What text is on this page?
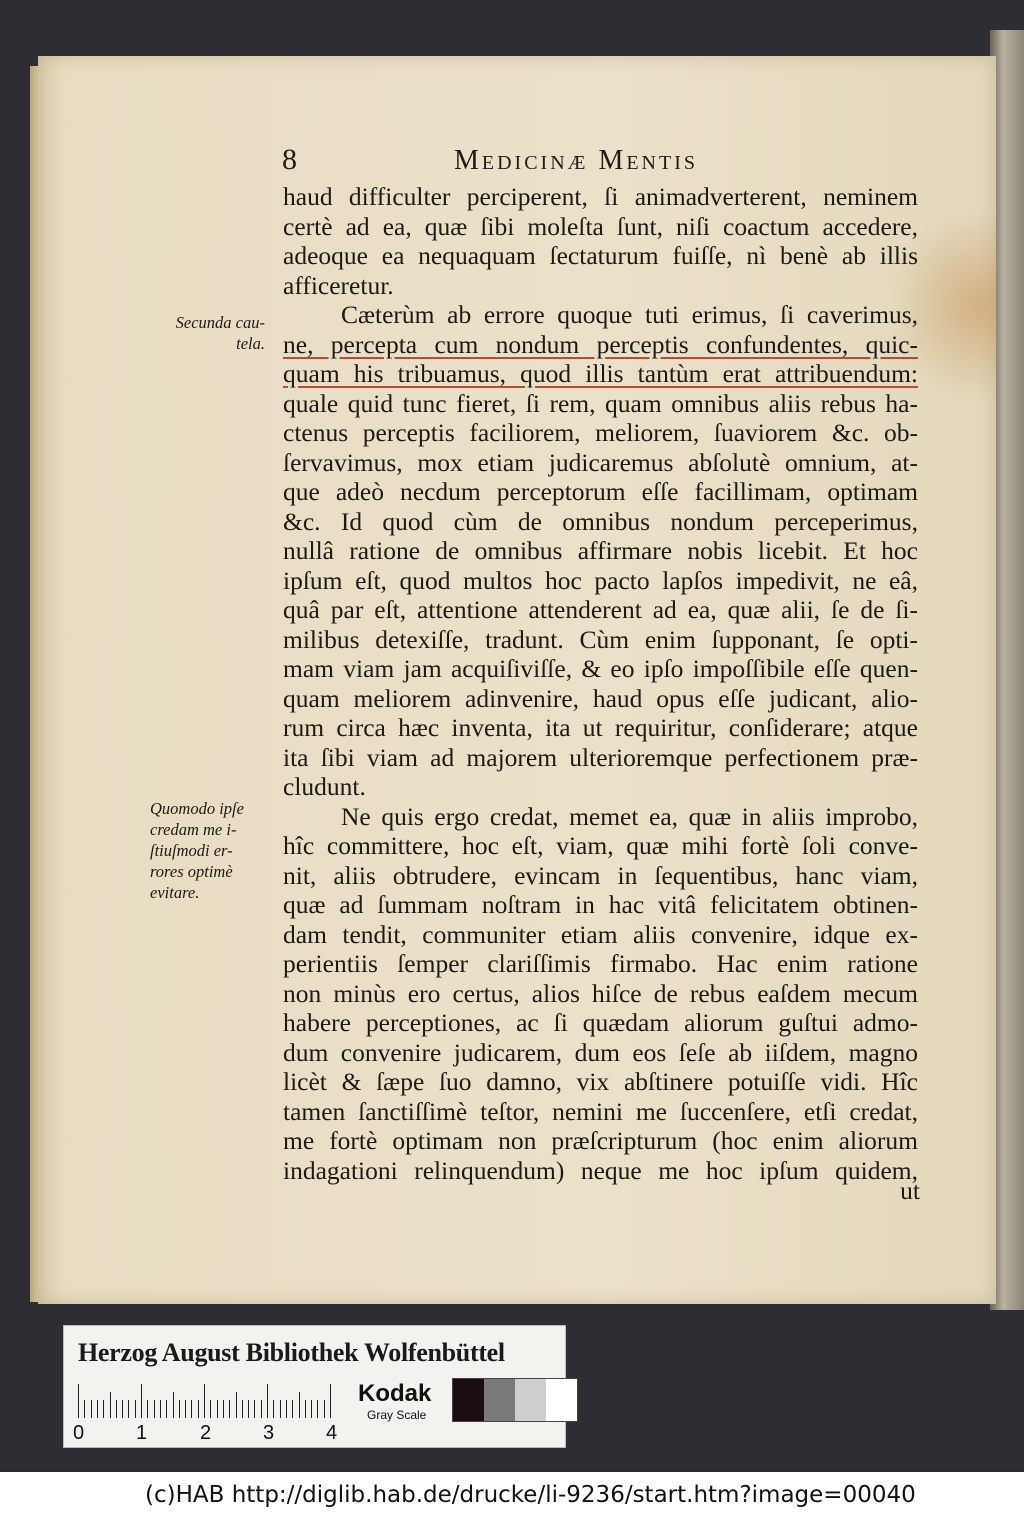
8	Medicinæ Mentis
haud difficulter perciperent, ſi animadverterent, neminem
certè ad ea, quæ ſibi moleſta ſunt, niſi coactum accedere,
adeoque ea nequaquam ſectaturum fuiſſe, nì benè ab illis
afficeretur.
Cæterùm ab errore quoque tuti erimus, ſi caverimus,
ne, percepta cum nondum perceptis confundentes, quic-
quam his tribuamus, quod illis tantùm erat attribuendum:
quale quid tunc fieret, ſi rem, quam omnibus aliis rebus ha-
ctenus perceptis faciliorem, meliorem, ſuaviorem &c. ob-
ſervavimus, mox etiam judicaremus abſolutè omnium, at-
que adeò necdum perceptorum eſſe facillimam, optimam
&c. Id quod cùm de omnibus nondum perceperimus,
nullâ ratione de omnibus affirmare nobis licebit. Et hoc
ipſum eſt, quod multos hoc pacto lapſos impedivit, ne eâ,
quâ par eſt, attentione attenderent ad ea, quæ alii, ſe de ſi-
milibus deteхiſſe, tradunt. Cùm enim ſupponant, ſe opti-
mam viam jam acquiſiviſſe, & eo ipſo impoſſibile eſſe quen-
quam meliorem adinvenire, haud opus eſſe judicant, alio-
rum circa hæc inventa, ita ut requiritur, conſiderare; atque
ita ſibi viam ad majorem ulterioremque perfectionem præ-
cludunt.
Ne quis ergo credat, memet ea, quæ in aliis improbo,
hîc committere, hoc eſt, viam, quæ mihi fortè ſoli conve-
nit, aliis obtrudere, evincam in ſequentibus, hanc viam,
quæ ad ſummam noſtram in hac vitâ felicitatem obtinen-
dam tendit, communiter etiam aliis convenire, idque ex-
perientiis ſemper clariſſimis firmabo. Hac enim ratione
non minùs ero certus, alios hiſce de rebus eaſdem mecum
habere perceptiones, ac ſi quædam aliorum guſtui admo-
dum convenire judicarem, dum eos ſeſe ab iiſdem, magno
licèt & ſæpe ſuo damno, vix abſtinere potuiſſe vidi. Hîc
tamen ſanctiſſimè teſtor, nemini me ſuccenſere, etſi credat,
me fortè optimam non præſcripturum (hoc enim aliorum
indagationi relinquendum) neque me hoc ipſum quidem,
ut
Secunda cau-
tela.
Quomodo ipſe
credam me i-
ſtiuſmodi er-
rores optimè
evitare.
Herzog August Bibliothek Wolfenbüttel
0	1	2	3	4
Kodak
Gray Scale
(c)HAB http://diglib.hab.de/drucke/li-9236/start.htm?image=00040
